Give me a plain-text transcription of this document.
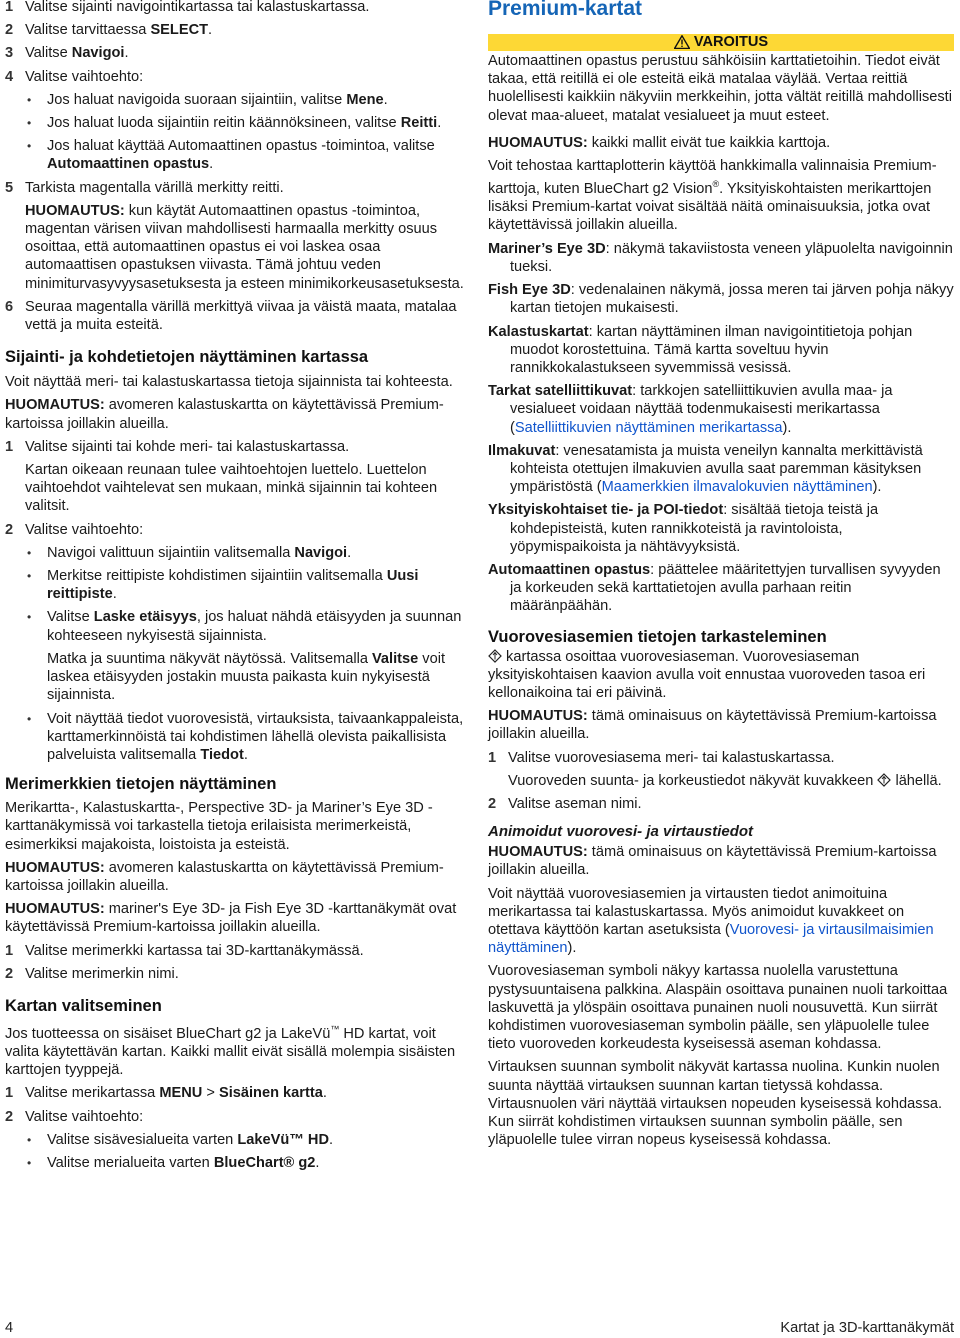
1 Valitse sijainti navigointikartassa tai kalastuskartassa.

2 Valitse tarvittaessa SELECT.

3 Valitse Navigoi.

4 Valitse vaihtoehto:

• Jos haluat navigoida suoraan sijaintiin, valitse Mene.

• Jos haluat luoda sijaintiin reitin käännöksineen, valitse Reitti.

• Jos haluat käyttää Automaattinen opastus -toimintoa, valitse Automaattinen opastus.

5 Tarkista magentalla värillä merkitty reitti.

HUOMAUTUS: kun käytät Automaattinen opastus -toimintoa, magentan värisen viivan mahdollisesti harmaalla merkitty osuus osoittaa, että automaattinen opastus ei voi laskea osaa automaattisen opastuksen viivasta. Tämä johtuu veden minimiturvasyvyysasetuksesta ja esteen minimikorkeusasetuksesta.

6 Seuraa magentalla värillä merkittyä viivaa ja väistä maata, matalaa vettä ja muita esteitä.

Sijainti- ja kohdetietojen näyttäminen kartassa

Voit näyttää meri- tai kalastuskartassa tietoja sijainnista tai kohteesta.

HUOMAUTUS: avomeren kalastuskartta on käytettävissä Premium-kartoissa joillakin alueilla.

1 Valitse sijainti tai kohde meri- tai kalastuskartassa.

Kartan oikeaan reunaan tulee vaihtoehtojen luettelo. Luettelon vaihtoehdot vaihtelevat sen mukaan, minkä sijainnin tai kohteen valitsit.

2 Valitse vaihtoehto:

• Navigoi valittuun sijaintiin valitsemalla Navigoi.

• Merkitse reittipiste kohdistimen sijaintiin valitsemalla Uusi reittipiste.

• Valitse Laske etäisyys, jos haluat nähdä etäisyyden ja suunnan kohteeseen nykyisestä sijainnista.

Matka ja suuntima näkyvät näytössä. Valitsemalla Valitse voit laskea etäisyyden jostakin muusta paikasta kuin nykyisestä sijainnista.

• Voit näyttää tiedot vuorovesistä, virtauksista, taivaankappaleista, karttamerkinnöistä tai kohdistimen lähellä olevista paikallisista palveluista valitsemalla Tiedot.

Merimerkkien tietojen näyttäminen

Merikartta-, Kalastuskartta-, Perspective 3D- ja Mariner’s Eye 3D -karttanäkymissä voi tarkastella tietoja erilaisista merimerkeistä, esimerkiksi majakoista, loistoista ja esteistä.

HUOMAUTUS: avomeren kalastuskartta on käytettävissä Premium-kartoissa joillakin alueilla.

HUOMAUTUS: mariner's Eye 3D- ja Fish Eye 3D -karttanäkymät ovat käytettävissä Premium-kartoissa joillakin alueilla.

1 Valitse merimerkki kartassa tai 3D-karttanäkymässä.

2 Valitse merimerkin nimi.

Kartan valitseminen

Jos tuotteessa on sisäiset BlueChart g2 ja LakeVü™ HD kartat, voit valita käytettävän kartan. Kaikki mallit eivät sisällä molempia sisäisten karttojen tyyppejä.

1 Valitse merikartassa MENU > Sisäinen kartta.

2 Valitse vaihtoehto:

• Valitse sisävesialueita varten LakeVü™ HD.

• Valitse merialueita varten BlueChart® g2.

Premium-kartat

VAROITUS

Automaattinen opastus perustuu sähköisiin karttatietoihin. Tiedot eivät takaa, että reitillä ei ole esteitä eikä matalaa väylää. Vertaa reittiä huolellisesti kaikkiin näkyviin merkkeihin, jotta vältät reitillä mahdollisesti olevat maa-alueet, matalat vesialueet ja muut esteet.

HUOMAUTUS: kaikki mallit eivät tue kaikkia karttoja.

Voit tehostaa karttaplotterin käyttöä hankkimalla valinnaisia Premium-karttoja, kuten BlueChart g2 Vision®. Yksityiskohtaisten merikarttojen lisäksi Premium-kartat voivat sisältää näitä ominaisuuksia, jotka ovat käytettävissä joillakin alueilla.

Mariner’s Eye 3D: näkymä takaviistosta veneen yläpuolelta navigoinnin tueksi.

Fish Eye 3D: vedenalainen näkymä, jossa meren tai järven pohja näkyy kartan tietojen mukaisesti.

Kalastuskartat: kartan näyttäminen ilman navigointitietoja pohjan muodot korostettuina. Tämä kartta soveltuu hyvin rannikkokalastukseen syvemmissä vesissä.

Tarkat satelliittikuvat: tarkkojen satelliittikuvien avulla maa- ja vesialueet voidaan näyttää todenmukaisesti merikartassa (Satelliittikuvien näyttäminen merikartassa).

Ilmakuvat: venesatamista ja muista veneilyn kannalta merkittävistä kohteista otettujen ilmakuvien avulla saat paremman käsityksen ympäristöstä (Maamerkkien ilmavalokuvien näyttäminen).

Yksityiskohtaiset tie- ja POI-tiedot: sisältää tietoja teistä ja kohdepisteistä, kuten rannikkoteistä ja ravintoloista, yöpymispaikoista ja nähtävyyksistä.

Automaattinen opastus: päättelee määritettyjen turvallisen syvyyden ja korkeuden sekä karttatietojen avulla parhaan reitin määränpäähän.

Vuorovesiasemien tietojen tarkasteleminen

kartassa osoittaa vuorovesiaseman. Vuorovesiaseman yksityiskohtaisen kaavion avulla voit ennustaa vuoroveden tasoa eri kellonaikoina tai eri päivinä.

HUOMAUTUS: tämä ominaisuus on käytettävissä Premium-kartoissa joillakin alueilla.

1 Valitse vuorovesiasema meri- tai kalastuskartassa.

Vuoroveden suunta- ja korkeustiedot näkyvät kuvakkeen  lähellä.

2 Valitse aseman nimi.

Animoidut vuorovesi- ja virtaustiedot

HUOMAUTUS: tämä ominaisuus on käytettävissä Premium-kartoissa joillakin alueilla.

Voit näyttää vuorovesiasemien ja virtausten tiedot animoituina merikartassa tai kalastuskartassa. Myös animoidut kuvakkeet on otettava käyttöön kartan asetuksista (Vuorovesi- ja virtausilmaisimien näyttäminen).

Vuorovesiaseman symboli näkyy kartassa nuolella varustettuna pystysuuntaisena palkkina. Alaspäin osoittava punainen nuoli tarkoittaa laskuvettä ja ylöspäin osoittava punainen nuoli nousuvettä. Kun siirrät kohdistimen vuorovesiaseman symbolin päälle, sen yläpuolelle tulee tieto vuoroveden korkeudesta kyseisessä aseman kohdassa.

Virtauksen suunnan symbolit näkyvät kartassa nuolina. Kunkin nuolen suunta näyttää virtauksen suunnan kartan tietyssä kohdassa. Virtausnuolen väri näyttää virtauksen nopeuden kyseisessä kohdassa. Kun siirrät kohdistimen virtauksen suunnan symbolin päälle, sen yläpuolelle tulee virran nopeus kyseisessä kohdassa.

4	Kartat ja 3D-karttanäkymät
